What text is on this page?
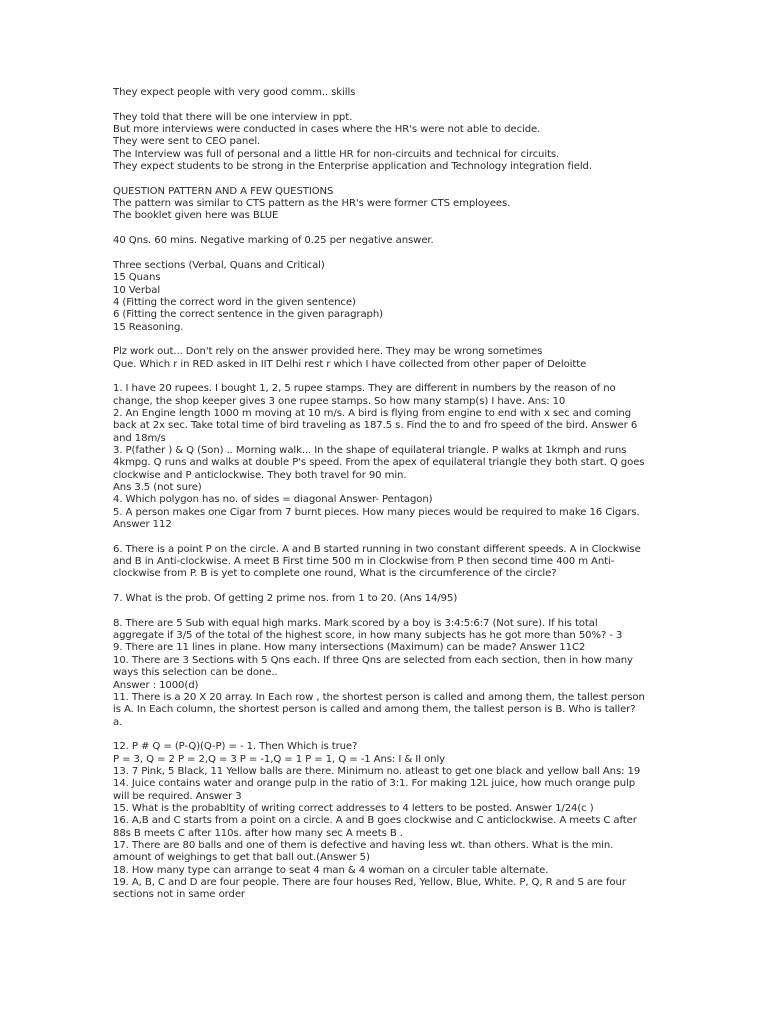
They expect people with very good comm.. skills
They told that there will be one interview in ppt.
But more interviews were conducted in cases where the HR's were not able to decide.
They were sent to CEO panel.
The Interview was full of personal and a little HR for non-circuits and technical for circuits.
They expect students to be strong in the Enterprise application and Technology integration field.
QUESTION PATTERN AND A FEW QUESTIONS
The pattern was similar to CTS pattern as the HR's were former CTS employees.
The booklet given here was BLUE
40 Qns. 60 mins. Negative marking of 0.25 per negative answer.
Three sections (Verbal, Quans and Critical)
15 Quans
10 Verbal
4 (Fitting the correct word in the given sentence)
6 (Fitting the correct sentence in the given paragraph)
15 Reasoning.
Plz work out... Don't rely on the answer provided here. They may be wrong sometimes
Que. Which r in RED asked in IIT Delhi rest r which I have collected from other paper of Deloitte
1. I have 20 rupees. I bought 1, 2, 5 rupee stamps. They are different in numbers by the reason of no
change, the shop keeper gives 3 one rupee stamps. So how many stamp(s) I have. Ans: 10
2. An Engine length 1000 m moving at 10 m/s. A bird is flying from engine to end with x sec and coming
back at 2x sec. Take total time of bird traveling as 187.5 s. Find the to and fro speed of the bird. Answer 6
and 18m/s
3. P(father ) & Q (Son) .. Morning walk... In the shape of equilateral triangle. P walks at 1kmph and runs
4kmpg. Q runs and walks at double P's speed. From the apex of equilateral triangle they both start. Q goes
clockwise and P anticlockwise. They both travel for 90 min.
Ans 3.5 (not sure)
4. Which polygon has no. of sides = diagonal Answer- Pentagon)
5. A person makes one Cigar from 7 burnt pieces. How many pieces would be required to make 16 Cigars.
Answer 112
6. There is a point P on the circle. A and B started running in two constant different speeds. A in Clockwise
and B in Anti-clockwise. A meet B First time 500 m in Clockwise from P then second time 400 m Anti-
clockwise from P. B is yet to complete one round, What is the circumference of the circle?
7. What is the prob. Of getting 2 prime nos. from 1 to 20. (Ans 14/95)
8. There are 5 Sub with equal high marks. Mark scored by a boy is 3:4:5:6:7 (Not sure). If his total
aggregate if 3/5 of the total of the highest score, in how many subjects has he got more than 50%? - 3
9. There are 11 lines in plane. How many intersections (Maximum) can be made? Answer 11C2
10. There are 3 Sections with 5 Qns each. If three Qns are selected from each section, then in how many
ways this selection can be done..
Answer : 1000(d)
11. There is a 20 X 20 array. In Each row , the shortest person is called and among them, the tallest person
is A. In Each column, the shortest person is called and among them, the tallest person is B. Who is taller?
a.
12. P # Q = (P-Q)(Q-P) = - 1. Then Which is true?
P = 3, Q = 2 P = 2,Q = 3 P = -1,Q = 1 P = 1, Q = -1 Ans: I & II only
13. 7 Pink, 5 Black, 11 Yellow balls are there. Minimum no. atleast to get one black and yellow ball Ans: 19
14. Juice contains water and orange pulp in the ratio of 3:1. For making 12L juice, how much orange pulp
will be required. Answer 3
15. What is the probabltity of writing correct addresses to 4 letters to be posted. Answer 1/24(c )
16. A,B and C starts from a point on a circle. A and B goes clockwise and C anticlockwise. A meets C after
88s B meets C after 110s. after how many sec A meets B .
17. There are 80 balls and one of them is defective and having less wt. than others. What is the min.
amount of weighings to get that ball out.(Answer 5)
18. How many type can arrange to seat 4 man & 4 woman on a circuler table alternate.
19. A, B, C and D are four people. There are four houses Red, Yellow, Blue, White. P, Q, R and S are four
sections not in same order
